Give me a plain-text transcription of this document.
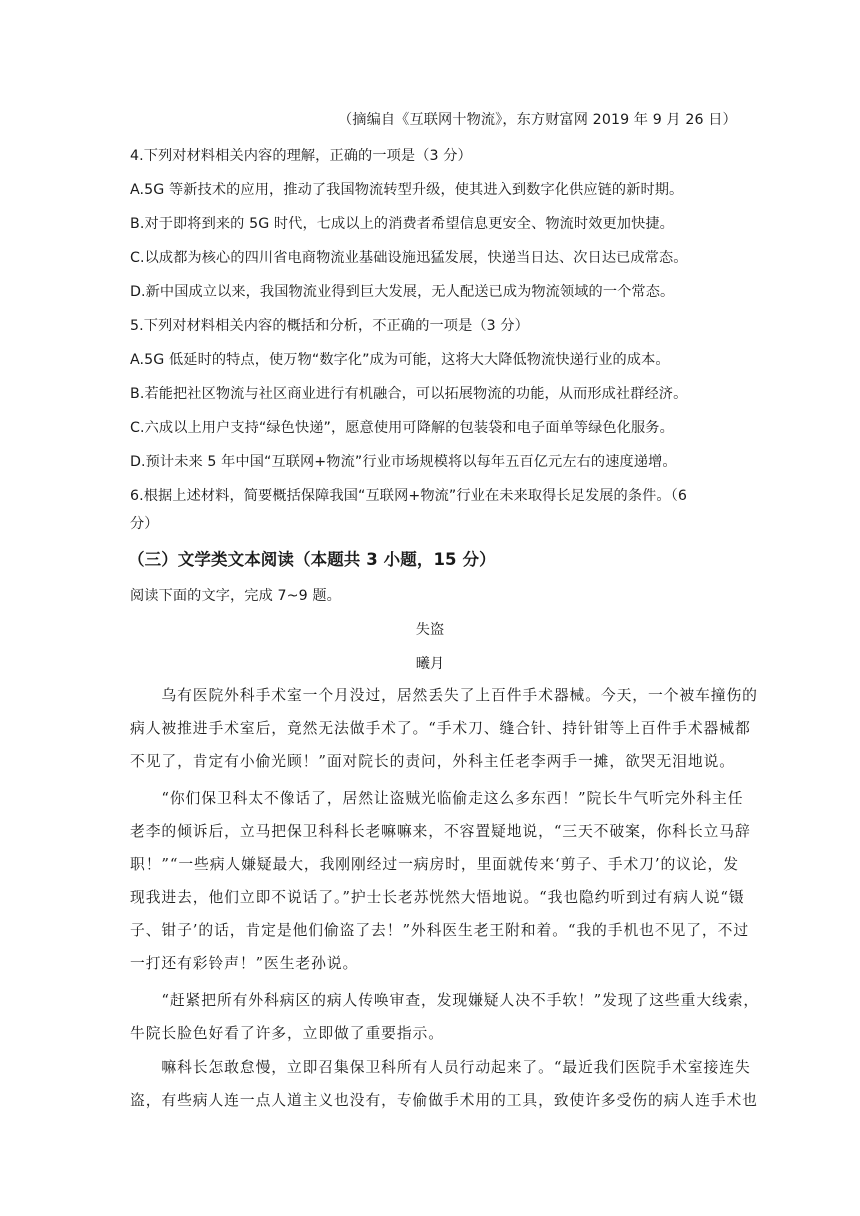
（摘编自《互联网十物流》，东方财富网 2019 年 9 月 26 日）
4.下列对材料相关内容的理解，正确的一项是（3 分）
A.5G 等新技术的应用，推动了我国物流转型升级，使其进入到数字化供应链的新时期。
B.对于即将到来的 5G 时代，七成以上的消费者希望信息更安全、物流时效更加快捷。
C.以成都为核心的四川省电商物流业基础设施迅猛发展，快递当日达、次日达已成常态。
D.新中国成立以来，我国物流业得到巨大发展，无人配送已成为物流领域的一个常态。
5.下列对材料相关内容的概括和分析，不正确的一项是（3 分）
A.5G 低延时的特点，使万物“数字化”成为可能，这将大大降低物流快递行业的成本。
B.若能把社区物流与社区商业进行有机融合，可以拓展物流的功能，从而形成社群经济。
C.六成以上用户支持“绿色快递”，愿意使用可降解的包装袋和电子面单等绿色化服务。
D.预计未来 5 年中国“互联网+物流”行业市场规模将以每年五百亿元左右的速度递增。
6.根据上述材料，简要概括保障我国“互联网+物流”行业在未来取得长足发展的条件。（6
分）
（三）文学类文本阅读（本题共 3 小题，15 分）
阅读下面的文字，完成 7~9 题。
失盗
曦月
　　乌有医院外科手术室一个月没过，居然丢失了上百件手术器械。今天，一个被车撞伤的
病人被推进手术室后，竟然无法做手术了。“手术刀、缝合针、持针钳等上百件手术器械都
不见了，肯定有小偷光顾！”面对院长的责问，外科主任老李两手一摊，欲哭无泪地说。
　　“你们保卫科太不像话了，居然让盗贼光临偷走这么多东西！”院长牛气听完外科主任
老李的倾诉后，立马把保卫科科长老嘛嘛来，不容置疑地说，“三天不破案，你科长立马辞
职！”“一些病人嫌疑最大，我刚刚经过一病房时，里面就传来‘剪子、手术刀’的议论，发
现我进去，他们立即不说话了。”护士长老苏恍然大悟地说。“我也隐约听到过有病人说“镊
子、钳子’的话，肯定是他们偷盗了去！”外科医生老王附和着。“我的手机也不见了，不过
一打还有彩铃声！”医生老孙说。
　　“赶紧把所有外科病区的病人传唤审查，发现嫌疑人决不手软！”发现了这些重大线索，
牛院长脸色好看了许多，立即做了重要指示。
　　嘛科长怎敢怠慢，立即召集保卫科所有人员行动起来了。“最近我们医院手术室接连失
盗，有些病人连一点人道主义也没有，专偷做手术用的工具，致使许多受伤的病人连手术也
